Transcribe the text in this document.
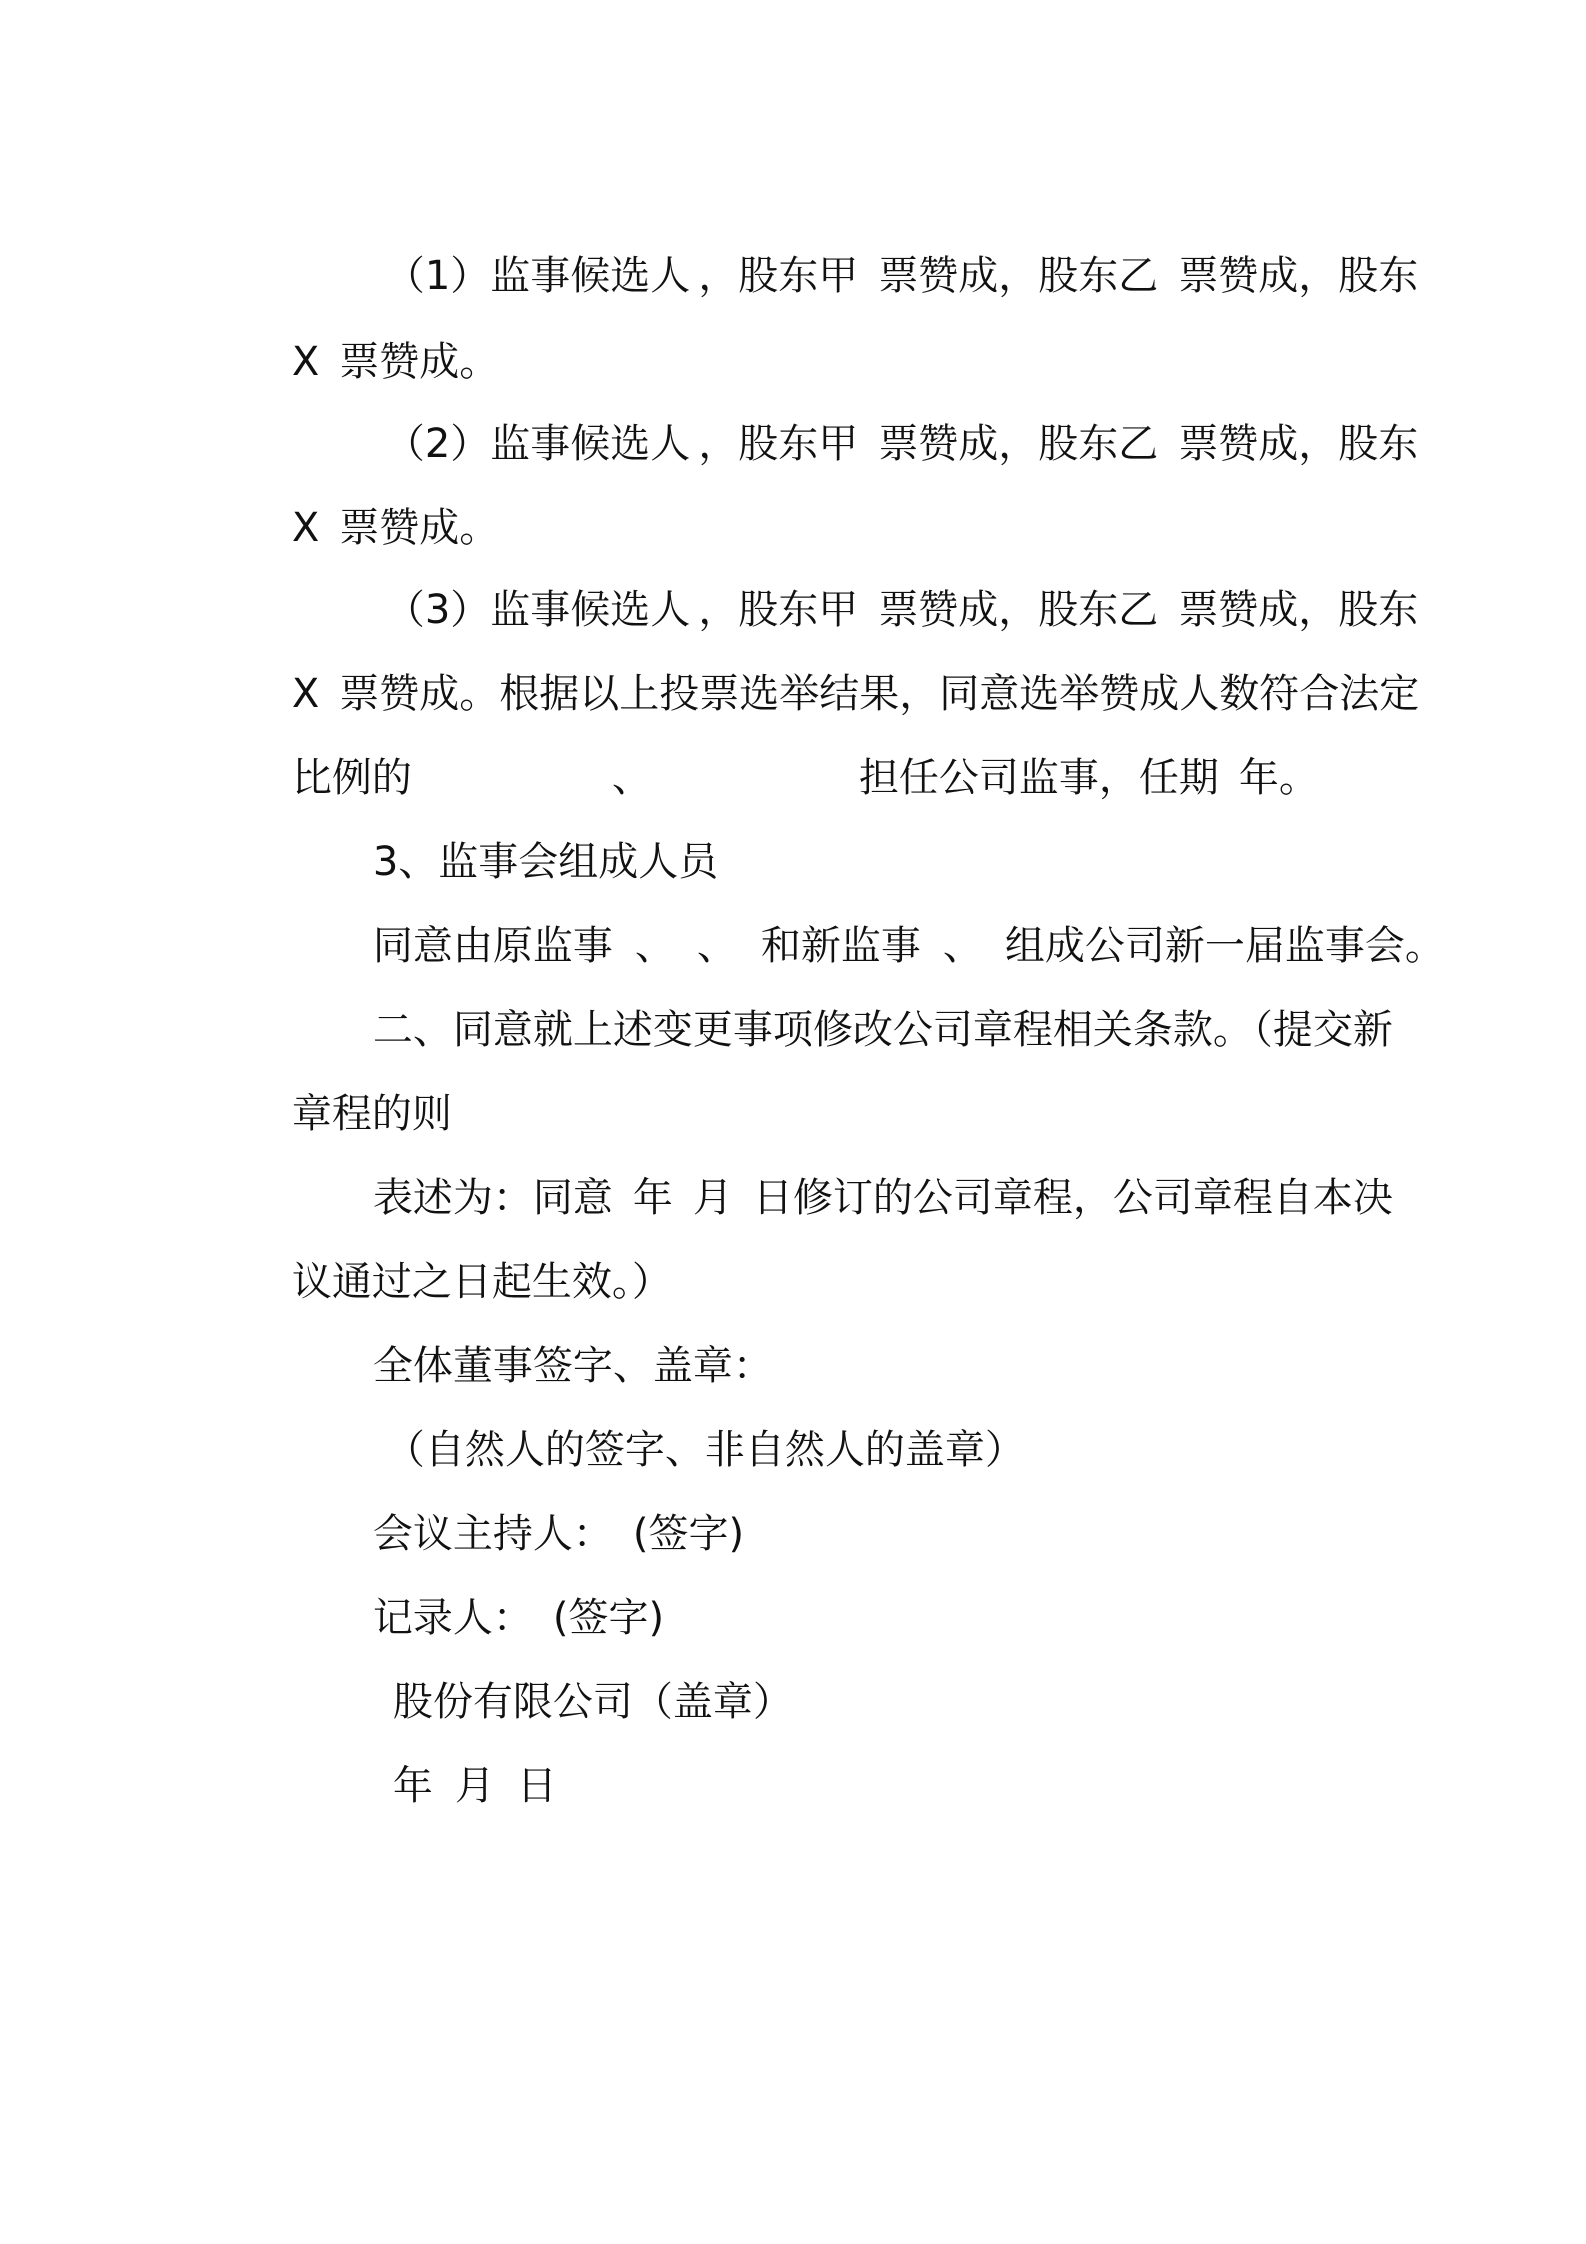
（1）监事候选人 ，股东甲 票赞成，股东乙 票赞成，股东

X 票赞成。

（2）监事候选人 ，股东甲 票赞成，股东乙 票赞成，股东

X 票赞成。

（3）监事候选人 ，股东甲 票赞成，股东乙 票赞成，股东

X 票赞成。根据以上投票选举结果，同意选举赞成人数符合法定

比例的
	、
	担任公司监事，任期 年。

3、监事会组成人员

同意由原监事 、 、 和新监事 、 组成公司新一届监事会。

二、同意就上述变更事项修改公司章程相关条款。（提交新

章程的则

表述为：同意 年 月 日修订的公司章程，公司章程自本决

议通过之日起生效。）

全体董事签字、盖章：

（自然人的签字、非自然人的盖章）

会议主持人： (签字)

记录人： (签字)

股份有限公司（盖章）

年 月 日
